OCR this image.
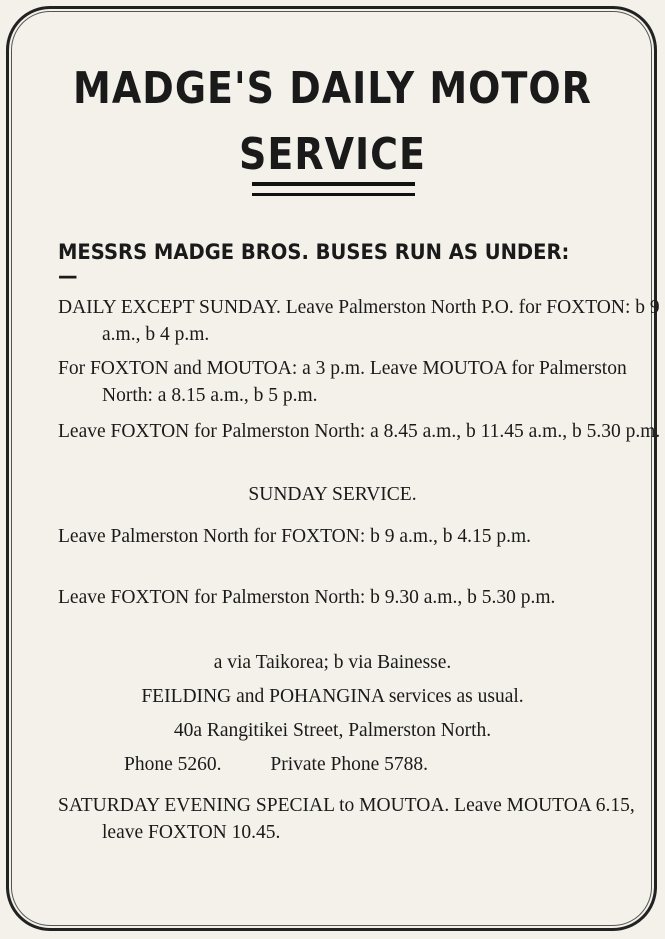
MADGE'S DAILY MOTOR
SERVICE
MESSRS MADGE BROS. BUSES RUN AS UNDER:—
DAILY EXCEPT SUNDAY. Leave Palmerston North P.O. for FOXTON: b 9 a.m., b 4 p.m.
For FOXTON and MOUTOA: a 3 p.m. Leave MOUTOA for Palmerston North: a 8.15 a.m., b 5 p.m.
Leave FOXTON for Palmerston North: a 8.45 a.m., b 11.45 a.m., b 5.30 p.m.
SUNDAY SERVICE.
Leave Palmerston North for FOXTON: b 9 a.m., b 4.15 p.m.
Leave FOXTON for Palmerston North: b 9.30 a.m., b 5.30 p.m.
a via Taikorea; b via Bainesse.
FEILDING and POHANGINA services as usual.
40a Rangitikei Street, Palmerston North.
Phone 5260.	Private Phone 5788.
SATURDAY EVENING SPECIAL to MOUTOA. Leave MOUTOA 6.15, leave FOXTON 10.45.
